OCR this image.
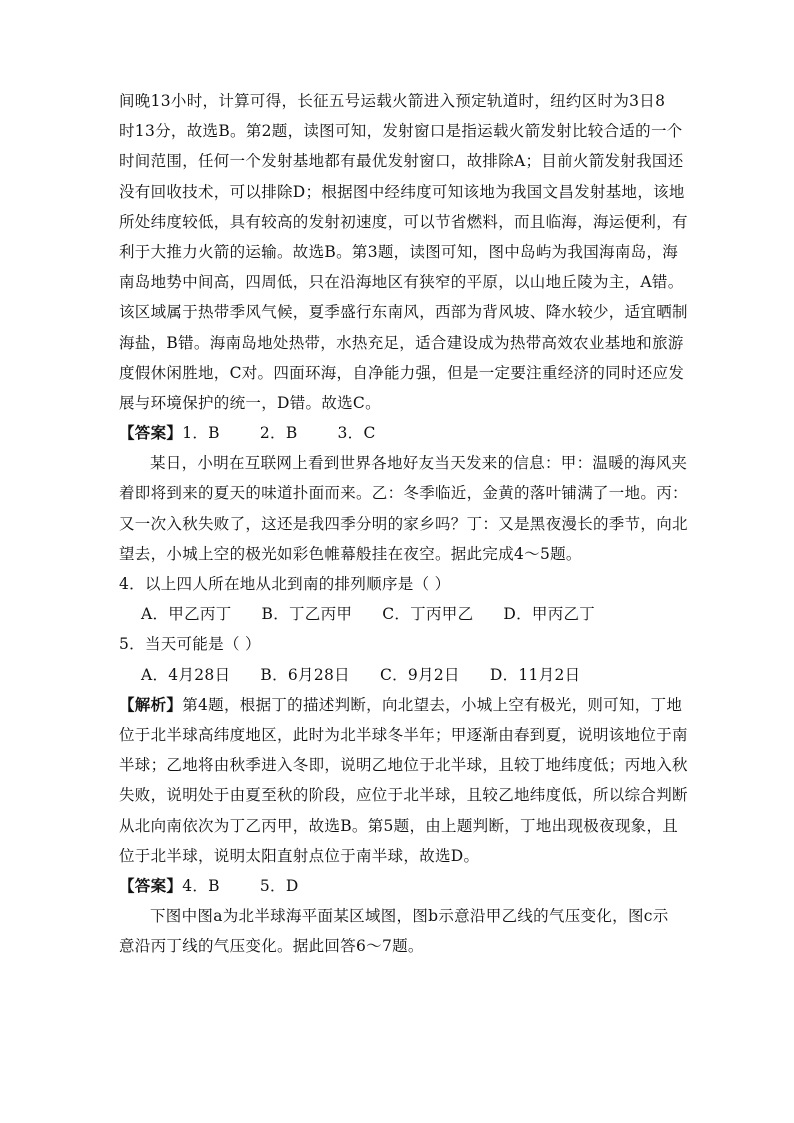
间晚13小时，计算可得，长征五号运载火箭进入预定轨道时，纽约区时为3日8
时13分，故选B。第2题，读图可知，发射窗口是指运载火箭发射比较合适的一个
时间范围，任何一个发射基地都有最优发射窗口，故排除A；目前火箭发射我国还
没有回收技术，可以排除D；根据图中经纬度可知该地为我国文昌发射基地，该地
所处纬度较低，具有较高的发射初速度，可以节省燃料，而且临海，海运便利，有
利于大推力火箭的运输。故选B。第3题，读图可知，图中岛屿为我国海南岛，海
南岛地势中间高，四周低，只在沿海地区有狭窄的平原，以山地丘陵为主，A错。
该区域属于热带季风气候，夏季盛行东南风，西部为背风坡、降水较少，适宜晒制
海盐，B错。海南岛地处热带，水热充足，适合建设成为热带高效农业基地和旅游
度假休闲胜地，C对。四面环海，自净能力强，但是一定要注重经济的同时还应发
展与环境保护的统一，D错。故选C。
【答案】1．B	2．B	3．C
某日，小明在互联网上看到世界各地好友当天发来的信息：甲：温暖的海风夹
着即将到来的夏天的味道扑面而来。乙：冬季临近，金黄的落叶铺满了一地。丙：
又一次入秋失败了，这还是我四季分明的家乡吗？丁：又是黑夜漫长的季节，向北
望去，小城上空的极光如彩色帷幕般挂在夜空。据此完成4～5题。
4．以上四人所在地从北到南的排列顺序是（ ）
A．甲乙丙丁 B．丁乙丙甲 C．丁丙甲乙 D．甲丙乙丁
5．当天可能是（ ）
A．4月28日 B．6月28日 C．9月2日 D．11月2日
【解析】第4题，根据丁的描述判断，向北望去，小城上空有极光，则可知，丁地
位于北半球高纬度地区，此时为北半球冬半年；甲逐渐由春到夏，说明该地位于南
半球；乙地将由秋季进入冬即，说明乙地位于北半球，且较丁地纬度低；丙地入秋
失败，说明处于由夏至秋的阶段，应位于北半球，且较乙地纬度低，所以综合判断
从北向南依次为丁乙丙甲，故选B。第5题，由上题判断，丁地出现极夜现象，且
位于北半球，说明太阳直射点位于南半球，故选D。
【答案】4．B	5．D
下图中图a为北半球海平面某区域图，图b示意沿甲乙线的气压变化，图c示
意沿丙丁线的气压变化。据此回答6～7题。
